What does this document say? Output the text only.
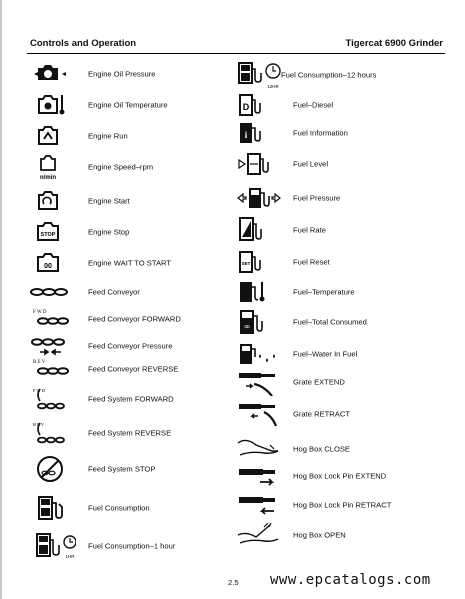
Controls and Operation	Tigercat 6900 Grinder
Engine Oil Pressure
Engine Oil Temperature
Engine Run
n/min
Engine Speed–rpm
Engine Start
STOP	Engine Stop
00	Engine WAIT TO START
Feed Conveyor
F W D
Feed Conveyor FORWARD
Feed Conveyor Pressure
R E V
Feed Conveyor REVERSE
F W D
Feed System FORWARD
R E V
Feed System REVERSE
Feed System STOP
Fuel Consumption
1HR
Fuel Consumption–1 hour
12HR
Fuel Consumption–12 hours
D	Fuel–Diesel
i	Fuel Information
Fuel Level
Fuel Pressure
Fuel Rate
SET	Fuel Reset
Fuel–Temperature
∞	Fuel–Total Consumed
Fuel–Water In Fuel
Grate EXTEND
Grate RETRACT
Hog Box CLOSE
Hog Box Lock Pin EXTEND
Hog Box Lock Pin RETRACT
Hog Box OPEN
2.5 www.epcatalogs.com
